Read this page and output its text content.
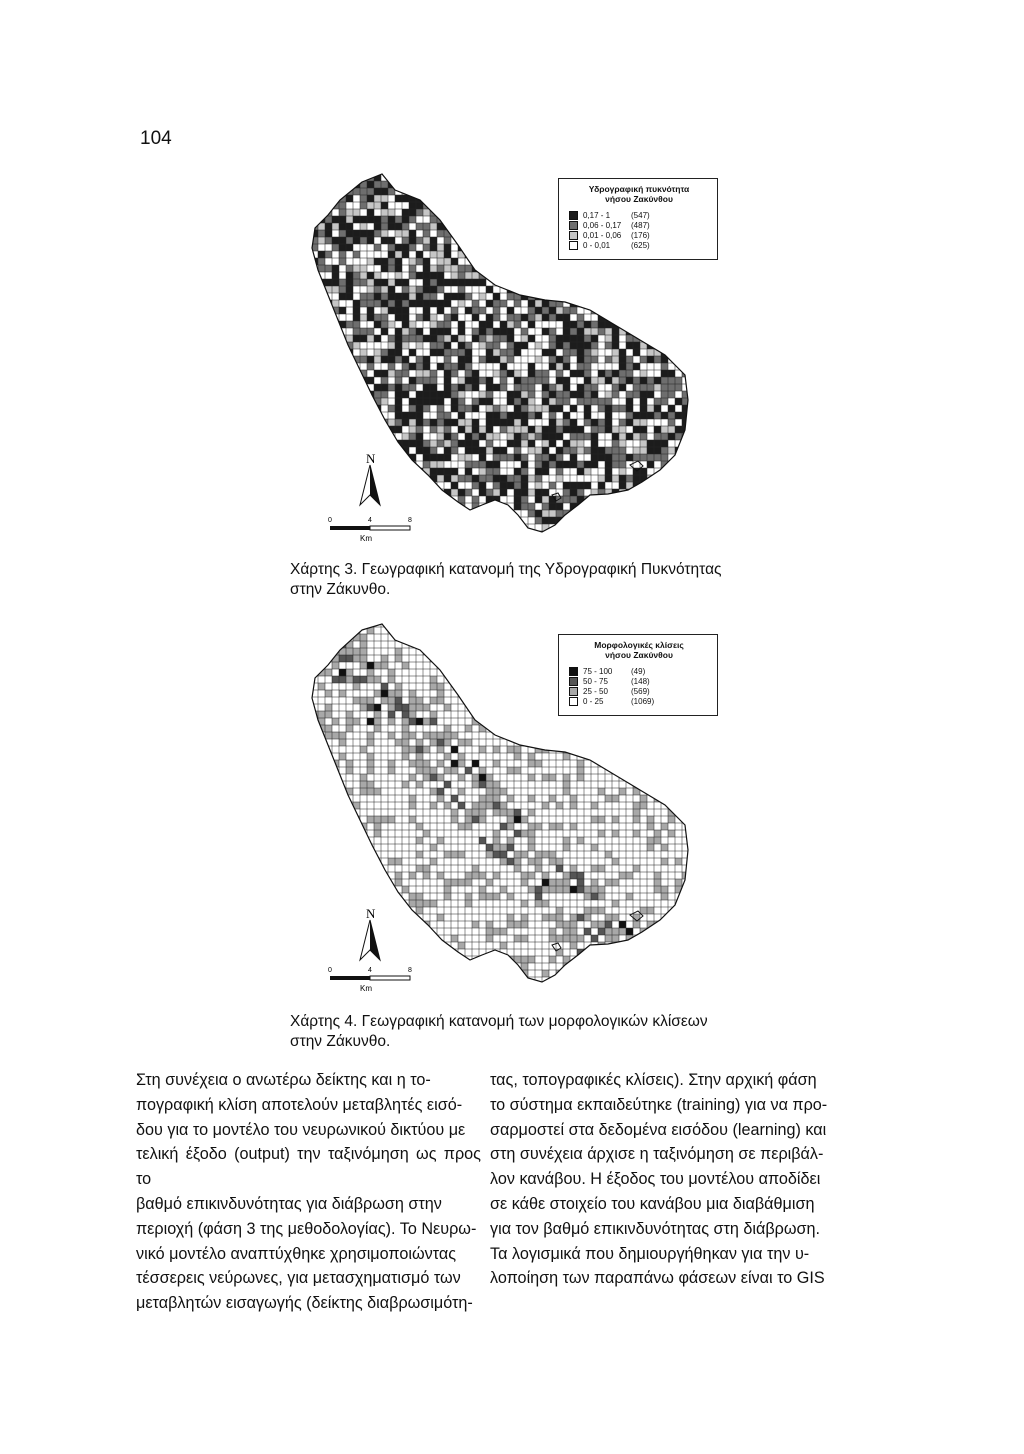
104
N
0	4	8
Km
Υδρογραφική πυκνότητα
νήσου Ζακύνθου
0,17 - 1	(547)
0,06 - 0,17	(487)
0,01 - 0,06	(176)
0 - 0,01	(625)
Χάρτης 3. Γεωγραφική κατανομή της Υδρογραφική Πυκνότητας
στην Ζάκυνθο.
N
0	4	8
Km
Μορφολογικές κλίσεις
νήσου Ζακύνθου
75 - 100	(49)
50 - 75	(148)
25 - 50	(569)
0 - 25	(1069)
Χάρτης 4. Γεωγραφική κατανομή των μορφολογικών κλίσεων
στην Ζάκυνθο.

Στη συνέχεια ο ανωτέρω δείκτης και η το-

πογραφική κλίση αποτελούν μεταβλητές εισό-

δου για το μοντέλο του νευρωνικού δικτύου με

τελική έξοδο (output) την ταξινόμηση ως προς το

βαθμό επικινδυνότητας για διάβρωση στην

περιοχή (φάση 3 της μεθοδολογίας). Το Νευρω-

νικό μοντέλο αναπτύχθηκε χρησιμοποιώντας

τέσσερεις νεύρωνες, για μετασχηματισμό των

μεταβλητών εισαγωγής (δείκτης διαβρωσιμότη-

τας, τοπογραφικές κλίσεις). Στην αρχική φάση

το σύστημα εκπαιδεύτηκε (training) για να προ-

σαρμοστεί στα δεδομένα εισόδου (learning) και

στη συνέχεια άρχισε η ταξινόμηση σε περιβάλ-

λον κανάβου. Η έξοδος του μοντέλου αποδίδει

σε κάθε στοιχείο του κανάβου μια διαβάθμιση

για τον βαθμό επικινδυνότητας στη διάβρωση.

Τα λογισμικά που δημιουργήθηκαν για την υ-

λοποίηση των παραπάνω φάσεων είναι το GIS
